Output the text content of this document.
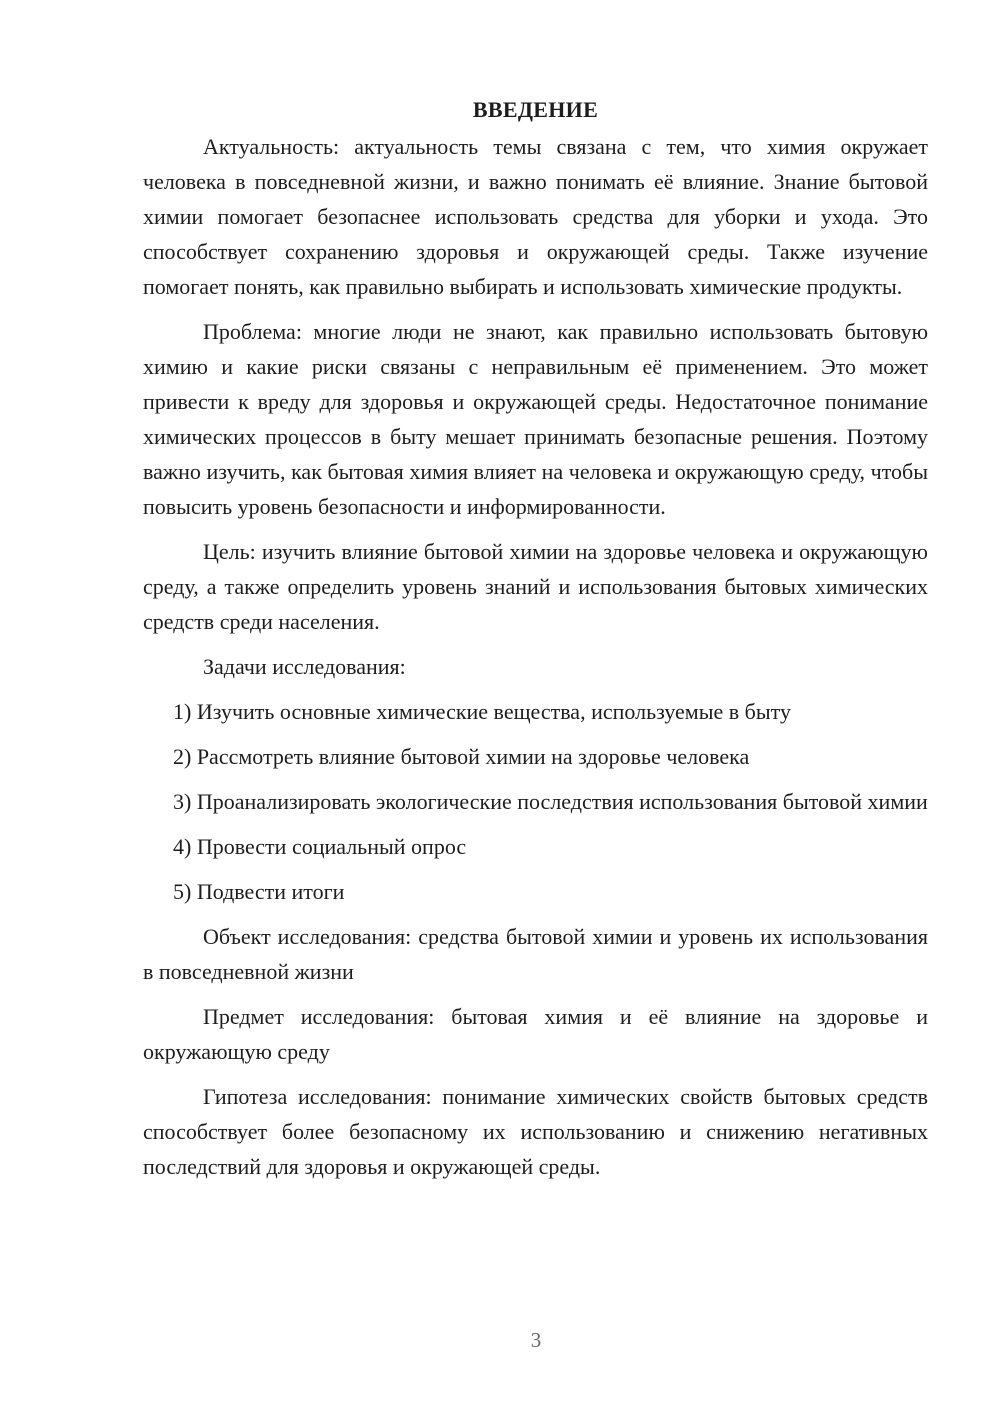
ВВЕДЕНИЕ

Актуальность: актуальность темы связана с тем, что химия окружает человека в повседневной жизни, и важно понимать её влияние. Знание бытовой химии помогает безопаснее использовать средства для уборки и ухода. Это способствует сохранению здоровья и окружающей среды. Также изучение помогает понять, как правильно выбирать и использовать химические продукты.

Проблема: многие люди не знают, как правильно использовать бытовую химию и какие риски связаны с неправильным её применением. Это может привести к вреду для здоровья и окружающей среды. Недостаточное понимание химических процессов в быту мешает принимать безопасные решения. Поэтому важно изучить, как бытовая химия влияет на человека и окружающую среду, чтобы повысить уровень безопасности и информированности.

Цель: изучить влияние бытовой химии на здоровье человека и окружающую среду, а также определить уровень знаний и использования бытовых химических средств среди населения.

Задачи исследования:

1) Изучить основные химические вещества, используемые в быту

2) Рассмотреть влияние бытовой химии на здоровье человека

3) Проанализировать экологические последствия использования бытовой химии

4) Провести социальный опрос

5) Подвести итоги

Объект исследования: средства бытовой химии и уровень их использования в повседневной жизни

Предмет исследования: бытовая химия и её влияние на здоровье и окружающую среду

Гипотеза исследования: понимание химических свойств бытовых средств способствует более безопасному их использованию и снижению негативных последствий для здоровья и окружающей среды.

3
